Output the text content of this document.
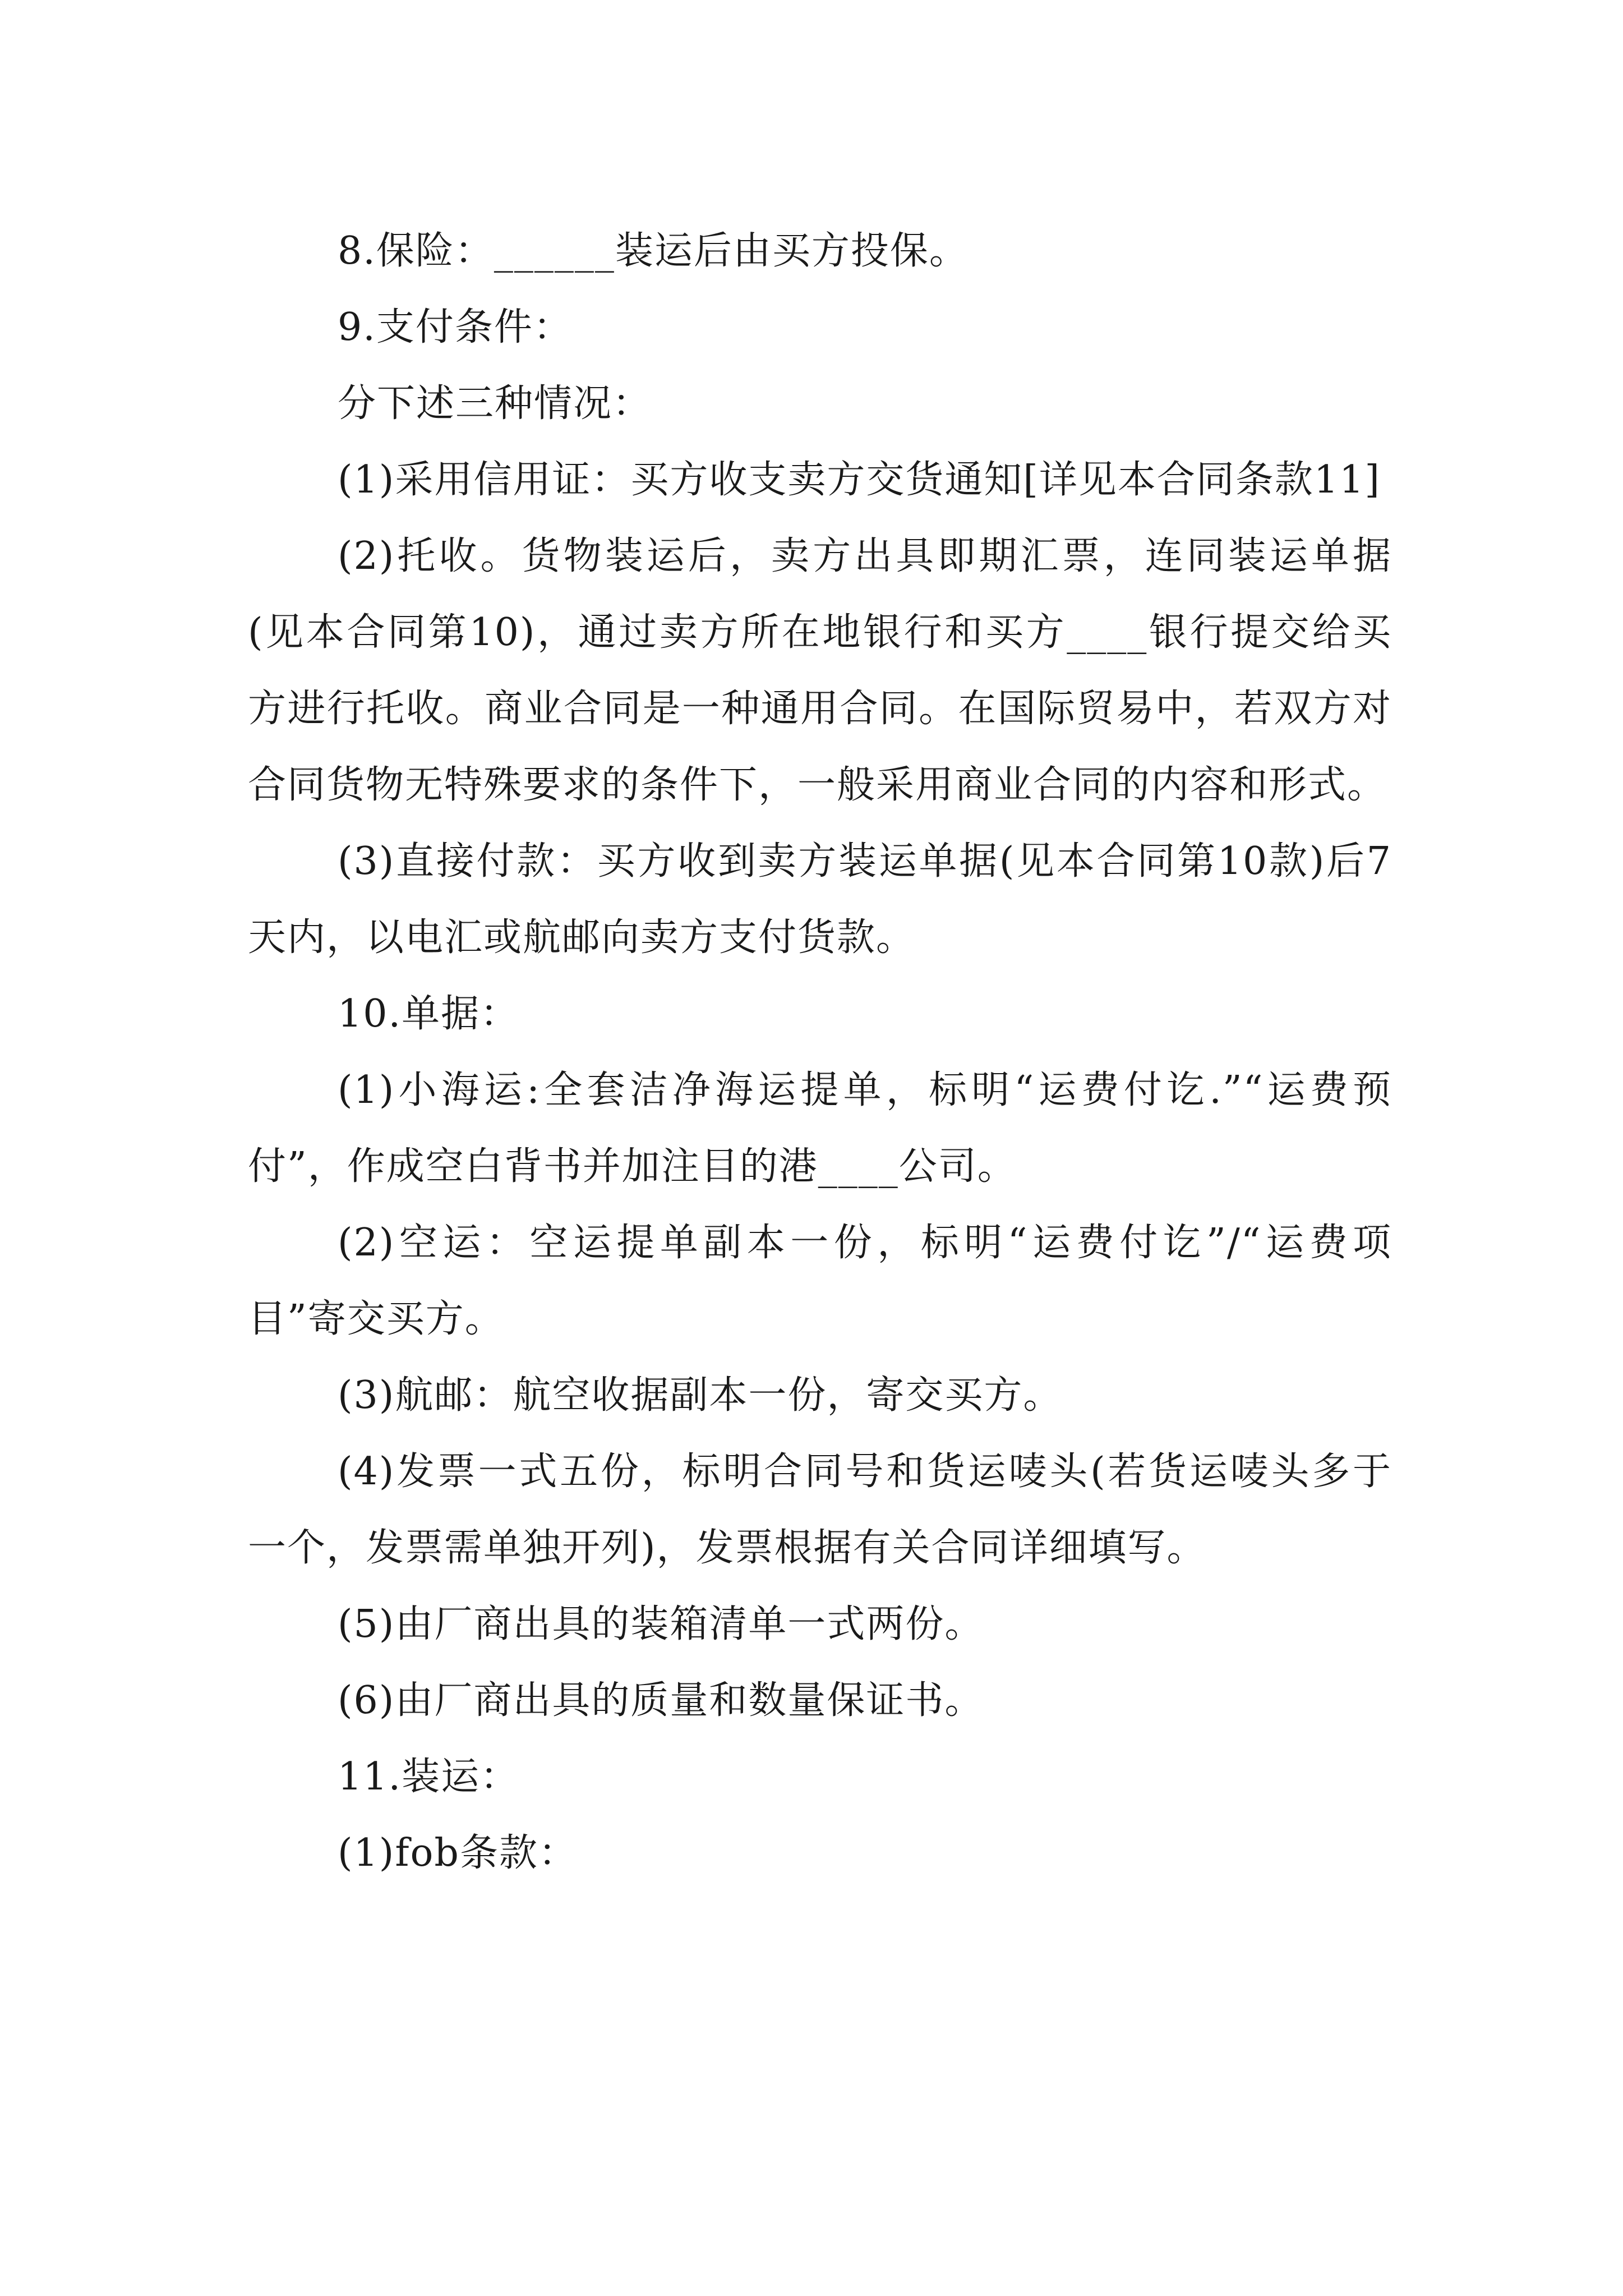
8.保险：______装运后由买方投保。

9.支付条件：

分下述三种情况：

(1)采用信用证：买方收支卖方交货通知[详见本合同条款11]

(2)托收。货物装运后，卖方出具即期汇票，连同装运单据(见本合同第10)，通过卖方所在地银行和买方____银行提交给买方进行托收。商业合同是一种通用合同。在国际贸易中，若双方对合同货物无特殊要求的条件下，一般采用商业合同的内容和形式。

(3)直接付款：买方收到卖方装运单据(见本合同第10款)后7天内，以电汇或航邮向卖方支付货款。

10.单据：

(1)小海运:全套洁净海运提单，标明“运费付讫.”“运费预付”，作成空白背书并加注目的港____公司。

(2)空运：空运提单副本一份，标明“运费付讫”/“运费项目”寄交买方。

(3)航邮：航空收据副本一份，寄交买方。

(4)发票一式五份，标明合同号和货运唛头(若货运唛头多于一个，发票需单独开列)，发票根据有关合同详细填写。

(5)由厂商出具的装箱清单一式两份。

(6)由厂商出具的质量和数量保证书。

11.装运：

(1)fob条款：
